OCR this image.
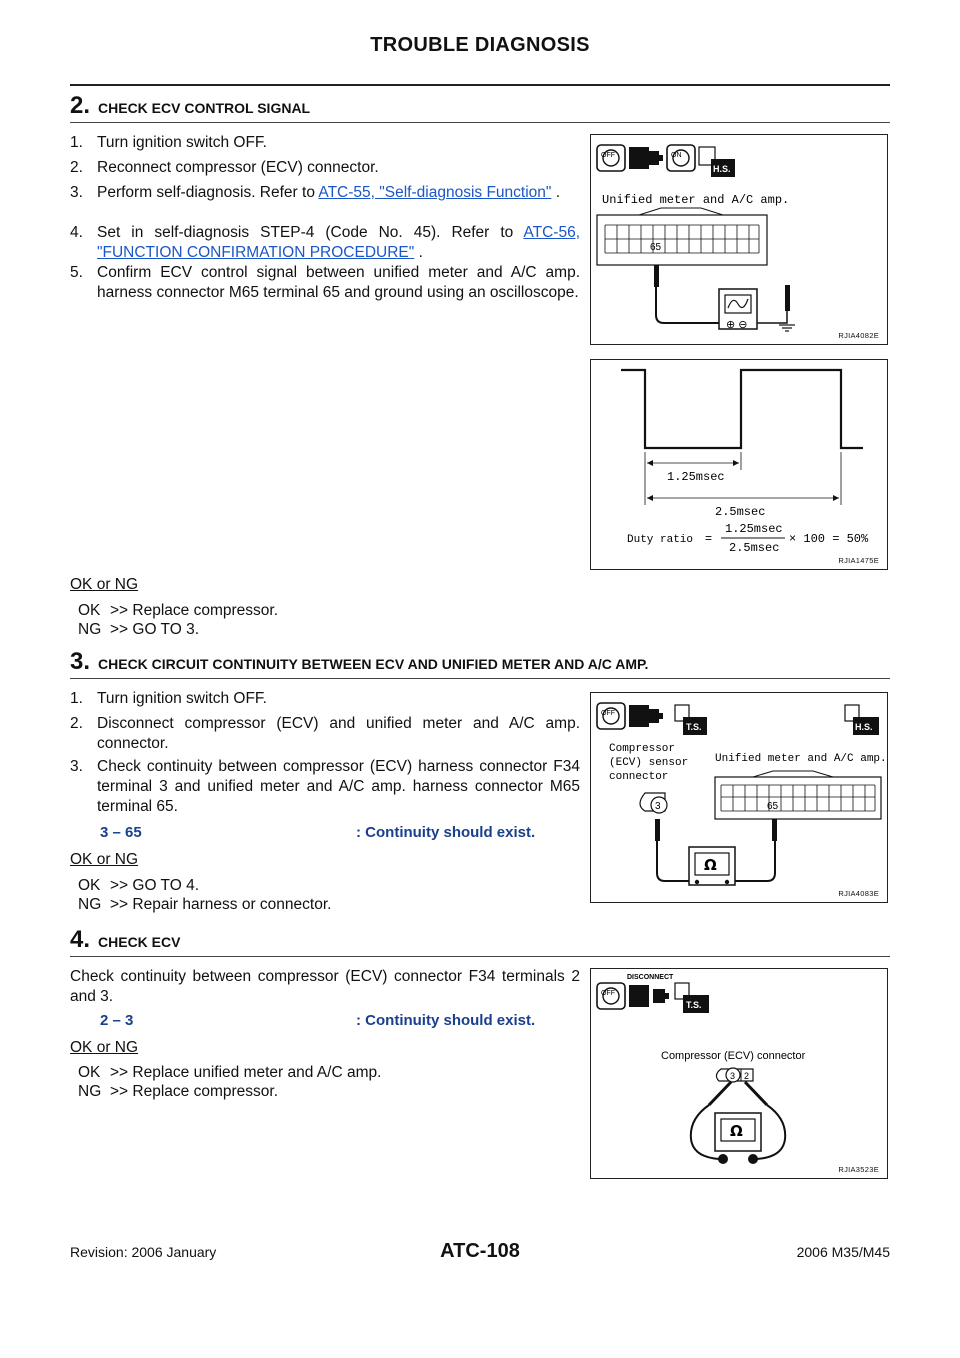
TROUBLE DIAGNOSIS
2. CHECK ECV CONTROL SIGNAL
1. Turn ignition switch OFF.
2. Reconnect compressor (ECV) connector.
3. Perform self-diagnosis. Refer to ATC-55, "Self-diagnosis Function" .
4. Set in self-diagnosis STEP-4 (Code No. 45). Refer to ATC-56, "FUNCTION CONFIRMATION PROCEDURE" .
5. Confirm ECV control signal between unified meter and A/C amp. harness connector M65 terminal 65 and ground using an oscilloscope.
OFF	ON
H.S.
Unified meter and A/C amp.
65
⊕ ⊖
RJIA4082E
1.25msec
2.5msec
Duty ratio =
1.25msec
2.5msec
× 100 = 50%
RJIA1475E
OK or NG
OK >> Replace compressor.
NG >> GO TO 3.
3. CHECK CIRCUIT CONTINUITY BETWEEN ECV AND UNIFIED METER AND A/C AMP.
1. Turn ignition switch OFF.
2. Disconnect compressor (ECV) and unified meter and A/C amp. connector.
3. Check continuity between compressor (ECV) harness connector F34 terminal 3 and unified meter and A/C amp. harness connector M65 terminal 65.
3 – 65	: Continuity should exist.
OFF
T.S.	H.S.
Compressor
(ECV) sensor
connector
Unified meter and A/C amp.
3	65
Ω
RJIA4083E
OK or NG
OK >> GO TO 4.
NG >> Repair harness or connector.
4. CHECK ECV
Check continuity between compressor (ECV) connector F34 terminals 2 and 3.
2 – 3	: Continuity should exist.
DISCONNECT
OFF
T.S.
Compressor (ECV) connector
3 2
Ω
RJIA3523E
OK or NG
OK >> Replace unified meter and A/C amp.
NG >> Replace compressor.
Revision: 2006 January	ATC-108	2006 M35/M45
